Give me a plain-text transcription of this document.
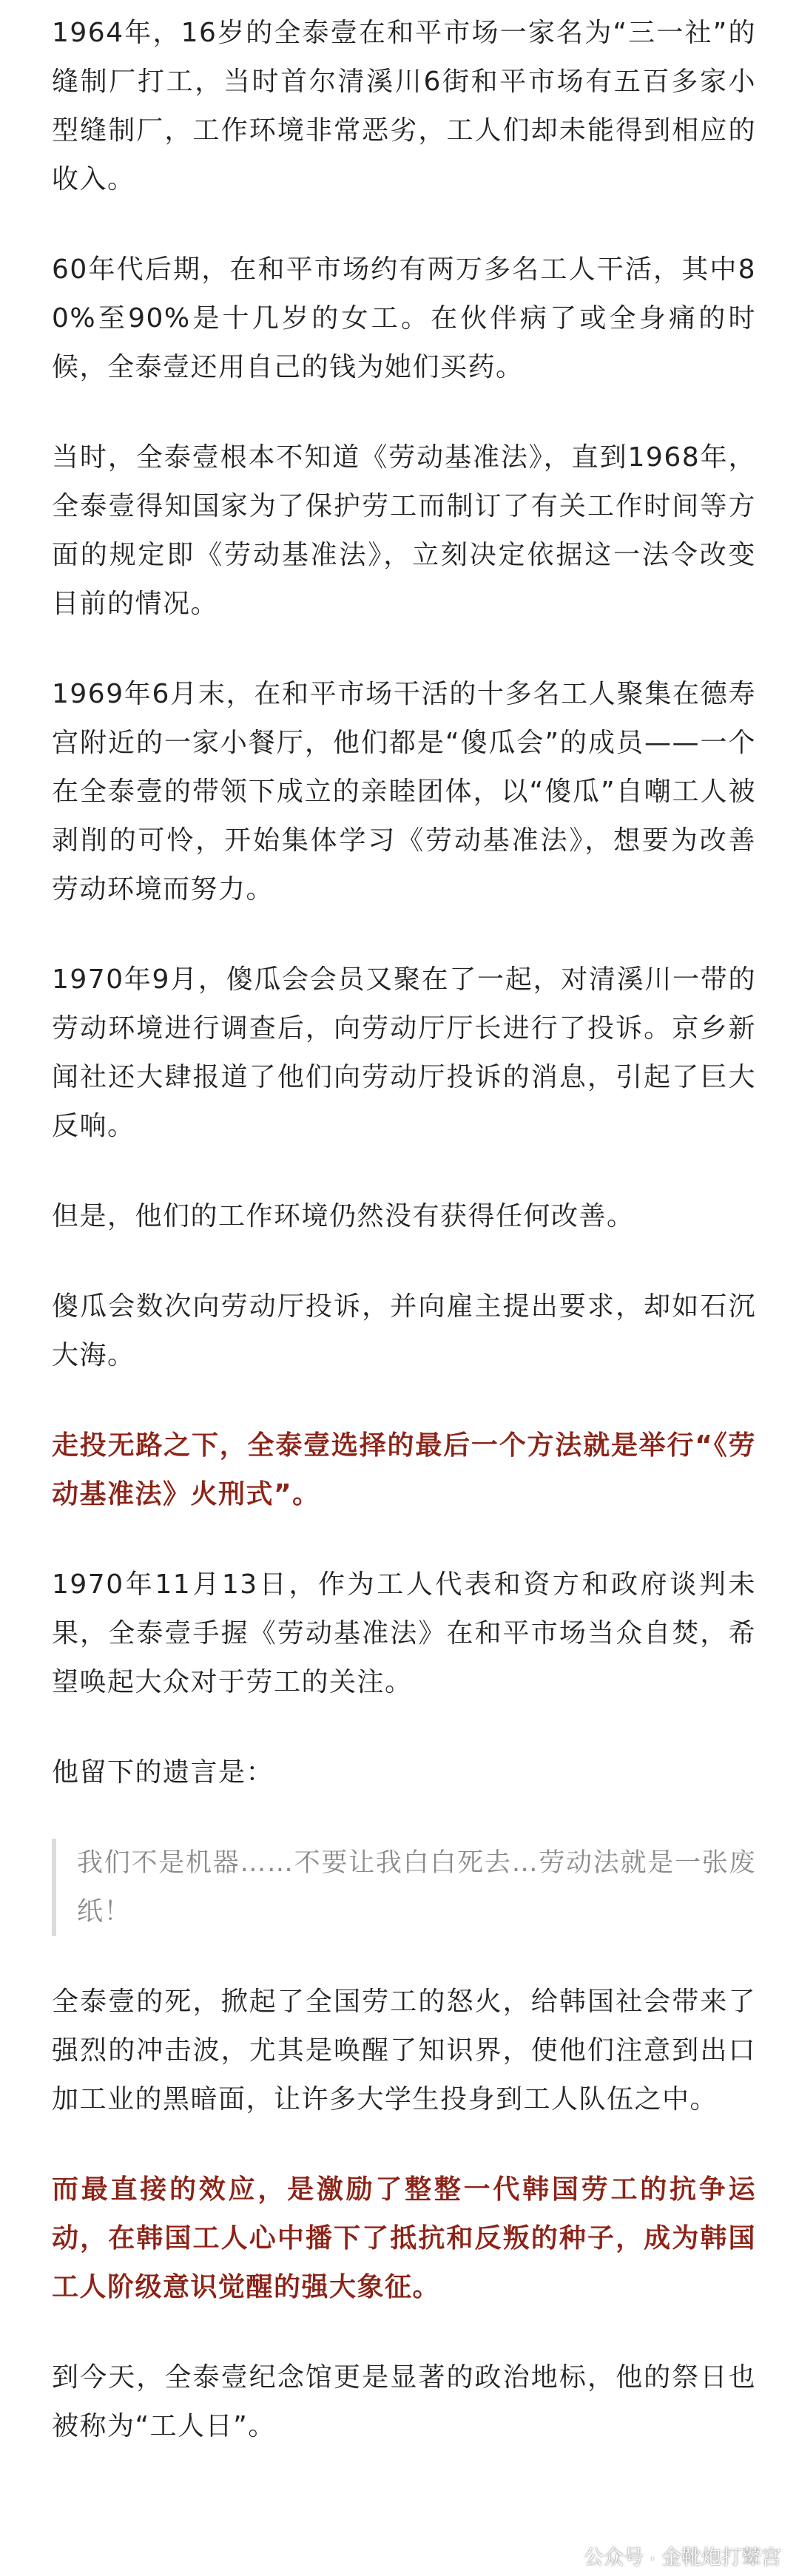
1964年，16岁的全泰壹在和平市场一家名为“三一社”的缝制厂打工，当时首尔清溪川6街和平市场有五百多家小型缝制厂，工作环境非常恶劣，工人们却未能得到相应的收入。

60年代后期，在和平市场约有两万多名工人干活，其中80%至90%是十几岁的女工。在伙伴病了或全身痛的时候，全泰壹还用自己的钱为她们买药。

当时，全泰壹根本不知道《劳动基准法》，直到1968年，全泰壹得知国家为了保护劳工而制订了有关工作时间等方面的规定即《劳动基准法》，立刻决定依据这一法令改变目前的情况。

1969年6月末，在和平市场干活的十多名工人聚集在德寿宫附近的一家小餐厅，他们都是“傻瓜会”的成员——一个在全泰壹的带领下成立的亲睦团体，以“傻瓜”自嘲工人被剥削的可怜，开始集体学习《劳动基准法》，想要为改善劳动环境而努力。

1970年9月，傻瓜会会员又聚在了一起，对清溪川一带的劳动环境进行调查后，向劳动厅厅长进行了投诉。京乡新闻社还大肆报道了他们向劳动厅投诉的消息，引起了巨大反响。

但是，他们的工作环境仍然没有获得任何改善。

傻瓜会数次向劳动厅投诉，并向雇主提出要求，却如石沉大海。

走投无路之下，全泰壹选择的最后一个方法就是举行“《劳动基准法》火刑式”。

1970年11月13日，作为工人代表和资方和政府谈判未果，全泰壹手握《劳动基准法》在和平市场当众自焚，希望唤起大众对于劳工的关注。

他留下的遗言是：

我们不是机器……不要让我白白死去…劳动法就是一张废纸！

全泰壹的死，掀起了全国劳工的怒火，给韩国社会带来了强烈的冲击波，尤其是唤醒了知识界，使他们注意到出口加工业的黑暗面，让许多大学生投身到工人队伍之中。

而最直接的效应，是激励了整整一代韩国劳工的抗争运动，在韩国工人心中播下了抵抗和反叛的种子，成为韩国工人阶级意识觉醒的强大象征。

到今天，全泰壹纪念馆更是显著的政治地标，他的祭日也被称为“工人日”。

公众号 · 金靴炮打鼙宫
